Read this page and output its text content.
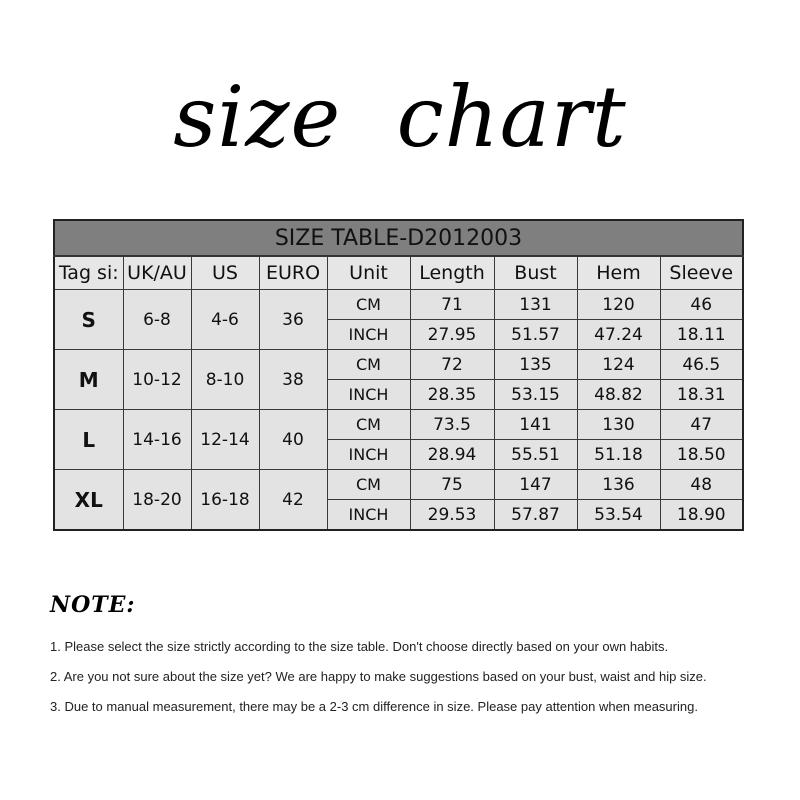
size  chart
SIZE TABLE-D2012003								
Tag si:	UK/AU	US	EURO	Unit	Length	Bust	Hem	Sleeve
S	6-8	4-6	36	CM	71	131	120	46
				INCH	27.95	51.57	47.24	18.11
M	10-12	8-10	38	CM	72	135	124	46.5
				INCH	28.35	53.15	48.82	18.31
L	14-16	12-14	40	CM	73.5	141	130	47
				INCH	28.94	55.51	51.18	18.50
XL	18-20	16-18	42	CM	75	147	136	48
				INCH	29.53	57.87	53.54	18.90
NOTE:
1. Please select the size strictly according to the size table. Don't choose directly based on your own habits.
2. Are you not sure about the size yet? We are happy to make suggestions based on your bust, waist and hip size.
3. Due to manual measurement, there may be a 2-3 cm difference in size. Please pay attention when measuring.
